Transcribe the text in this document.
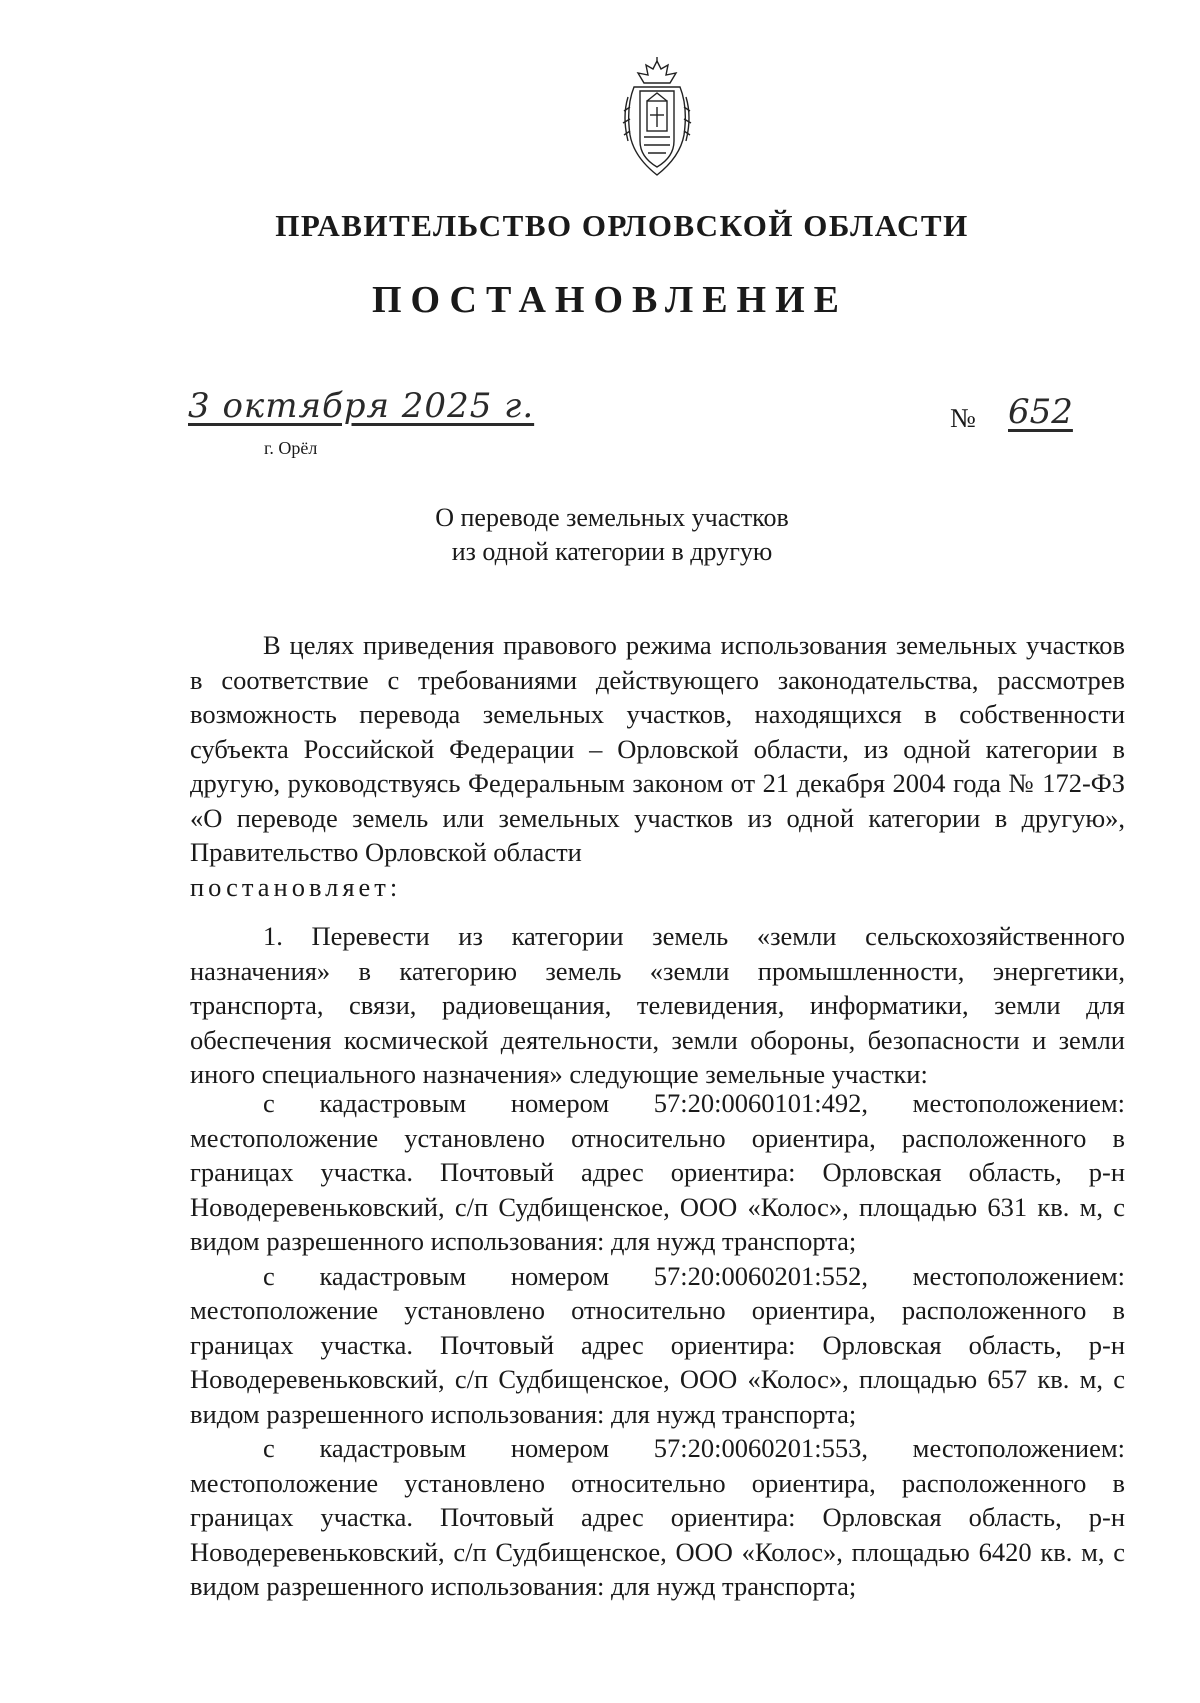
ПРАВИТЕЛЬСТВО ОРЛОВСКОЙ ОБЛАСТИ
ПОСТАНОВЛЕНИЕ
3 октября 2025 г.
г. Орёл
№ 652
О переводе земельных участков
из одной категории в другую

В целях приведения правового режима использования земельных участков в соответствие с требованиями действующего законодательства, рассмотрев возможность перевода земельных участков, находящихся в собственности субъекта Российской Федерации – Орловской области, из одной категории в другую, руководствуясь Федеральным законом от 21 декабря 2004 года № 172-ФЗ «О переводе земель или земельных участков из одной категории в другую», Правительство Орловской области

постановляет:

1. Перевести из категории земель «земли сельскохозяйственного назначения» в категорию земель «земли промышленности, энергетики, транспорта, связи, радиовещания, телевидения, информатики, земли для обеспечения космической деятельности, земли обороны, безопасности и земли иного специального назначения» следующие земельные участки:

с кадастровым номером 57:20:0060101:492, местоположением: местоположение установлено относительно ориентира, расположенного в границах участка. Почтовый адрес ориентира: Орловская область, р-н Новодеревеньковский, с/п Судбищенское, ООО «Колос», площадью 631 кв. м, с видом разрешенного использования: для нужд транспорта;

с кадастровым номером 57:20:0060201:552, местоположением: местоположение установлено относительно ориентира, расположенного в границах участка. Почтовый адрес ориентира: Орловская область, р-н Новодеревеньковский, с/п Судбищенское, ООО «Колос», площадью 657 кв. м, с видом разрешенного использования: для нужд транспорта;

с кадастровым номером 57:20:0060201:553, местоположением: местоположение установлено относительно ориентира, расположенного в границах участка. Почтовый адрес ориентира: Орловская область, р-н Новодеревеньковский, с/п Судбищенское, ООО «Колос», площадью 6420 кв. м, с видом разрешенного использования: для нужд транспорта;
